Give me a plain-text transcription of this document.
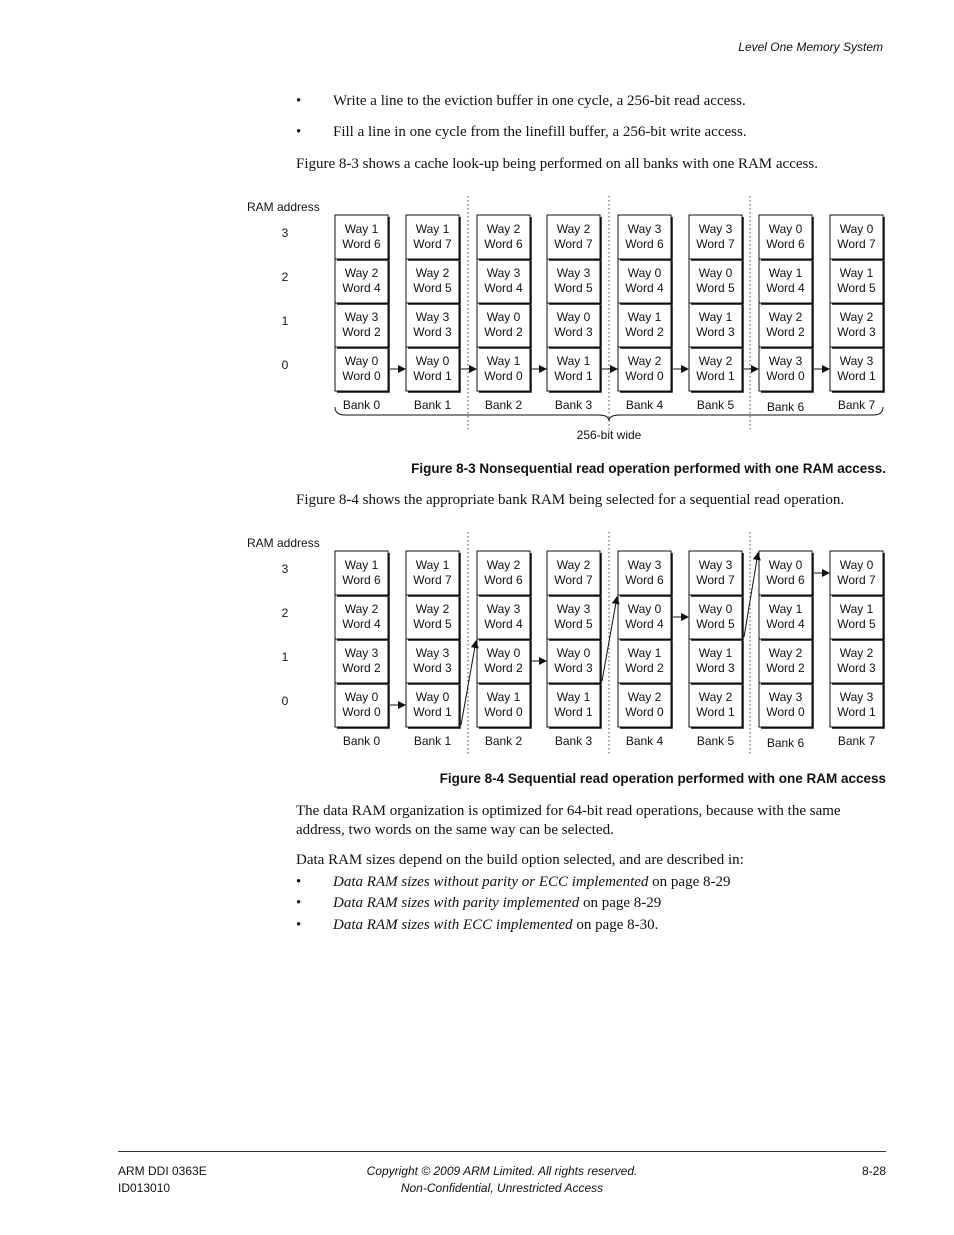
Level One Memory System
• Write a line to the eviction buffer in one cycle, a 256-bit read access.
• Fill a line in one cycle from the linefill buffer, a 256-bit write access.
Figure 8-3 shows a cache look-up being performed on all banks with one RAM access.
RAM address
3
2
1
0
Way 1
Word 6
Way 2
Word 4
Way 3
Word 2
Way 0
Word 0
Bank 0
Way 1
Word 7
Way 2
Word 5
Way 3
Word 3
Way 0
Word 1
Bank 1
Way 2
Word 6
Way 3
Word 4
Way 0
Word 2
Way 1
Word 0
Bank 2
Way 2
Word 7
Way 3
Word 5
Way 0
Word 3
Way 1
Word 1
Bank 3
Way 3
Word 6
Way 0
Word 4
Way 1
Word 2
Way 2
Word 0
Bank 4
Way 3
Word 7
Way 0
Word 5
Way 1
Word 3
Way 2
Word 1
Bank 5
Way 0
Word 6
Way 1
Word 4
Way 2
Word 2
Way 3
Word 0
Bank 6
Way 0
Word 7
Way 1
Word 5
Way 2
Word 3
Way 3
Word 1
Bank 7
256-bit wide
Figure 8-3 Nonsequential read operation performed with one RAM access.
Figure 8-4 shows the appropriate bank RAM being selected for a sequential read operation.
RAM address
3
2
1
0
Way 1
Word 6
Way 2
Word 4
Way 3
Word 2
Way 0
Word 0
Bank 0
Way 1
Word 7
Way 2
Word 5
Way 3
Word 3
Way 0
Word 1
Bank 1
Way 2
Word 6
Way 3
Word 4
Way 0
Word 2
Way 1
Word 0
Bank 2
Way 2
Word 7
Way 3
Word 5
Way 0
Word 3
Way 1
Word 1
Bank 3
Way 3
Word 6
Way 0
Word 4
Way 1
Word 2
Way 2
Word 0
Bank 4
Way 3
Word 7
Way 0
Word 5
Way 1
Word 3
Way 2
Word 1
Bank 5
Way 0
Word 6
Way 1
Word 4
Way 2
Word 2
Way 3
Word 0
Bank 6
Way 0
Word 7
Way 1
Word 5
Way 2
Word 3
Way 3
Word 1
Bank 7
Figure 8-4 Sequential read operation performed with one RAM access
The data RAM organization is optimized for 64-bit read operations, because with the same
address, two words on the same way can be selected.
Data RAM sizes depend on the build option selected, and are described in:
• Data RAM sizes without parity or ECC implemented on page 8-29
• Data RAM sizes with parity implemented on page 8-29
• Data RAM sizes with ECC implemented on page 8-30.
ARM DDI 0363E
ID013010
Copyright © 2009 ARM Limited. All rights reserved.
Non-Confidential, Unrestricted Access
8-28
